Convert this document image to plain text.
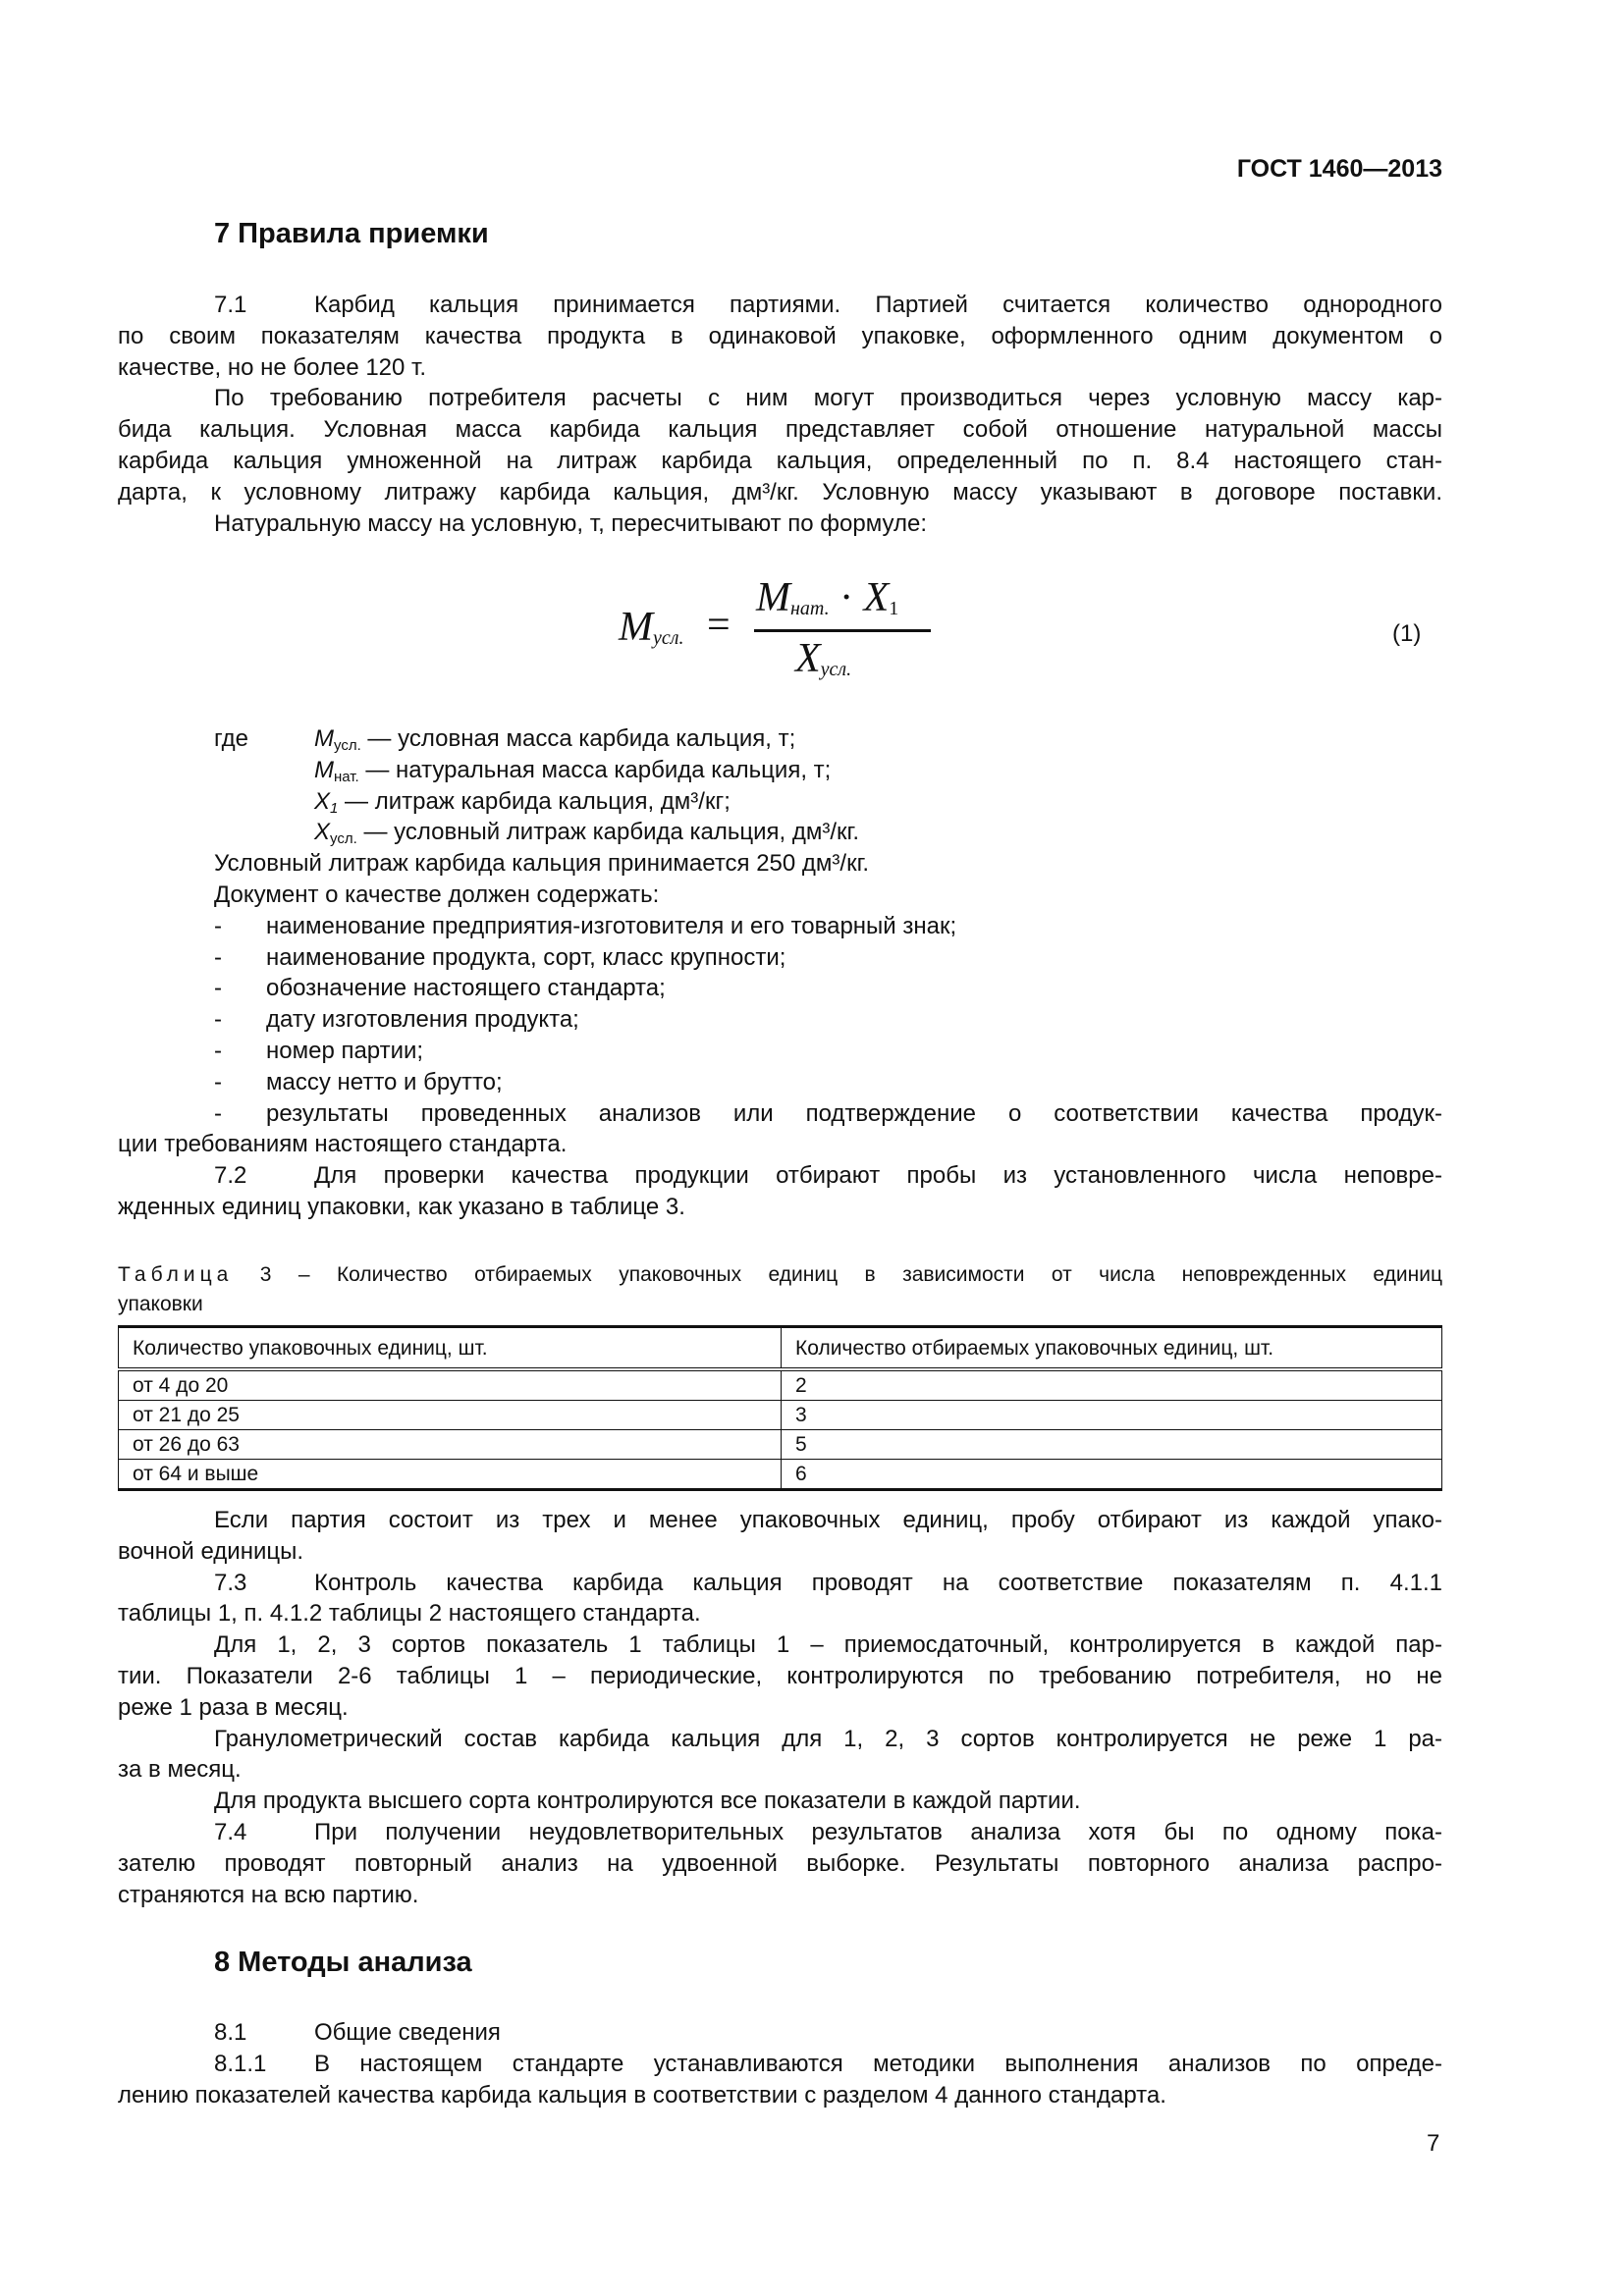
ГОСТ 1460—2013
7 Правила приемки
7.1	Карбид кальция принимается партиями. Партией считается количество однородного
по своим показателям качества продукта в одинаковой упаковке, оформленного одним документом о
качестве, но не более 120 т.
По требованию потребителя расчеты с ним могут производиться через условную массу кар-
бида кальция. Условная масса карбида кальция представляет собой отношение натуральной массы
карбида кальция умноженной на литраж карбида кальция, определенный по п. 8.4 настоящего стан-
дарта, к условному литражу карбида кальция, дм³/кг. Условную массу указывают в договоре поставки.
Натуральную массу на условную, т, пересчитывают по формуле:
$M_{усл.}$ =
$M_{нат.} \cdot X_1$
$X_{усл.}$
(1)
где	$M_{усл.}$ — условная масса карбида кальция, т;
$M_{нат.}$ — натуральная масса карбида кальция, т;
$X_1$ — литраж карбида кальция, дм³/кг;
$X_{усл.}$ — условный литраж карбида кальция, дм³/кг.
Условный литраж карбида кальция принимается 250 дм³/кг.
Документ о качестве должен содержать:
- наименование предприятия-изготовителя и его товарный знак;
- наименование продукта, сорт, класс крупности;
- обозначение настоящего стандарта;
- дату изготовления продукта;
- номер партии;
- массу нетто и брутто;
- результаты проведенных анализов или подтверждение о соответствии качества продук-
ции требованиям настоящего стандарта.
7.2	Для проверки качества продукции отбирают пробы из установленного числа неповре-
жденных единиц упаковки, как указано в таблице 3.
Таблица 3 – Количество отбираемых упаковочных единиц в зависимости от числа неповрежденных единиц
упаковки
Количество упаковочных единиц, шт.	Количество отбираемых упаковочных единиц, шт.
от 4 до 20	2
от 21 до 25	3
от 26 до 63	5
от 64 и выше	6
Если партия состоит из трех и менее упаковочных единиц, пробу отбирают из каждой упако-
вочной единицы.
7.3	Контроль качества карбида кальция проводят на соответствие показателям п. 4.1.1
таблицы 1, п. 4.1.2 таблицы 2 настоящего стандарта.
Для 1, 2, 3 сортов показатель 1 таблицы 1 – приемосдаточный, контролируется в каждой пар-
тии. Показатели 2-6 таблицы 1 – периодические, контролируются по требованию потребителя, но не
реже 1 раза в месяц.
Гранулометрический состав карбида кальция для 1, 2, 3 сортов контролируется не реже 1 ра-
за в месяц.
Для продукта высшего сорта контролируются все показатели в каждой партии.
7.4	При получении неудовлетворительных результатов анализа хотя бы по одному пока-
зателю проводят повторный анализ на удвоенной выборке. Результаты повторного анализа распро-
страняются на всю партию.
8 Методы анализа
8.1	Общие сведения
8.1.1 В настоящем стандарте устанавливаются методики выполнения анализов по опреде-
лению показателей качества карбида кальция в соответствии с разделом 4 данного стандарта.
7
